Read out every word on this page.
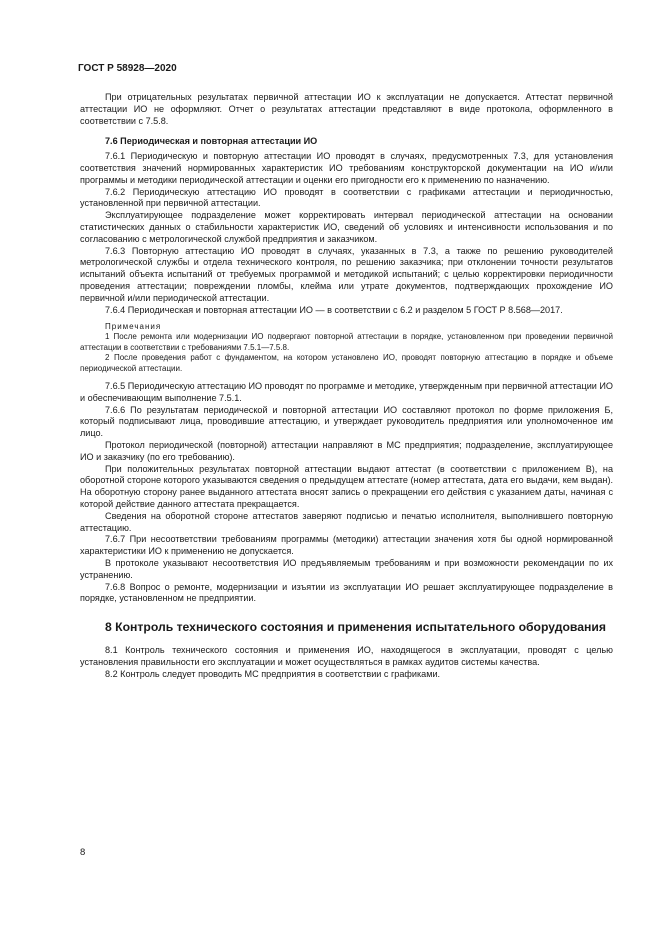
ГОСТ Р 58928—2020

При отрицательных результатах первичной аттестации ИО к эксплуатации не допускается. Аттестат первичной аттестации ИО не оформляют. Отчет о результатах аттестации представляют в виде протокола, оформленного в соответствии с 7.5.8.

7.6 Периодическая и повторная аттестации ИО

7.6.1 Периодическую и повторную аттестации ИО проводят в случаях, предусмотренных 7.3, для установления соответствия значений нормированных характеристик ИО требованиям конструкторской документации на ИО и/или программы и методики периодической аттестации и оценки его пригодности его к применению по назначению.

7.6.2 Периодическую аттестацию ИО проводят в соответствии с графиками аттестации и периодичностью, установленной при первичной аттестации.

Эксплуатирующее подразделение может корректировать интервал периодической аттестации на основании статистических данных о стабильности характеристик ИО, сведений об условиях и интенсивности использования и по согласованию с метрологической службой предприятия и заказчиком.

7.6.3 Повторную аттестацию ИО проводят в случаях, указанных в 7.3, а также по решению руководителей метрологической службы и отдела технического контроля, по решению заказчика; при отклонении точности результатов испытаний объекта испытаний от требуемых программой и методикой испытаний; с целью корректировки периодичности проведения аттестации; повреждении пломбы, клейма или утрате документов, подтверждающих прохождение ИО первичной и/или периодической аттестации.

7.6.4 Периодическая и повторная аттестации ИО — в соответствии с 6.2 и разделом 5 ГОСТ Р 8.568—2017.

Примечания

1 После ремонта или модернизации ИО подвергают повторной аттестации в порядке, установленном при проведении первичной аттестации в соответствии с требованиями 7.5.1—7.5.8.

2 После проведения работ с фундаментом, на котором установлено ИО, проводят повторную аттестацию в порядке и объеме периодической аттестации.

7.6.5 Периодическую аттестацию ИО проводят по программе и методике, утвержденным при первичной аттестации ИО и обеспечивающим выполнение 7.5.1.

7.6.6 По результатам периодической и повторной аттестации ИО составляют протокол по форме приложения Б, который подписывают лица, проводившие аттестацию, и утверждает руководитель предприятия или уполномоченное им лицо.

Протокол периодической (повторной) аттестации направляют в МС предприятия; подразделение, эксплуатирующее ИО и заказчику (по его требованию).

При положительных результатах повторной аттестации выдают аттестат (в соответствии с приложением В), на оборотной стороне которого указываются сведения о предыдущем аттестате (номер аттестата, дата его выдачи, кем выдан). На оборотную сторону ранее выданного аттестата вносят запись о прекращении его действия с указанием даты, начиная с которой действие данного аттестата прекращается.

Сведения на оборотной стороне аттестатов заверяют подписью и печатью исполнителя, выполнившего повторную аттестацию.

7.6.7 При несоответствии требованиям программы (методики) аттестации значения хотя бы одной нормированной характеристики ИО к применению не допускается.

В протоколе указывают несоответствия ИО предъявляемым требованиям и при возможности рекомендации по их устранению.

7.6.8 Вопрос о ремонте, модернизации и изъятии из эксплуатации ИО решает эксплуатирующее подразделение в порядке, установленном не предприятии.

8 Контроль технического состояния и применения испытательного оборудования

8.1 Контроль технического состояния и применения ИО, находящегося в эксплуатации, проводят с целью установления правильности его эксплуатации и может осуществляться в рамках аудитов системы качества.

8.2 Контроль следует проводить МС предприятия в соответствии с графиками.

8
